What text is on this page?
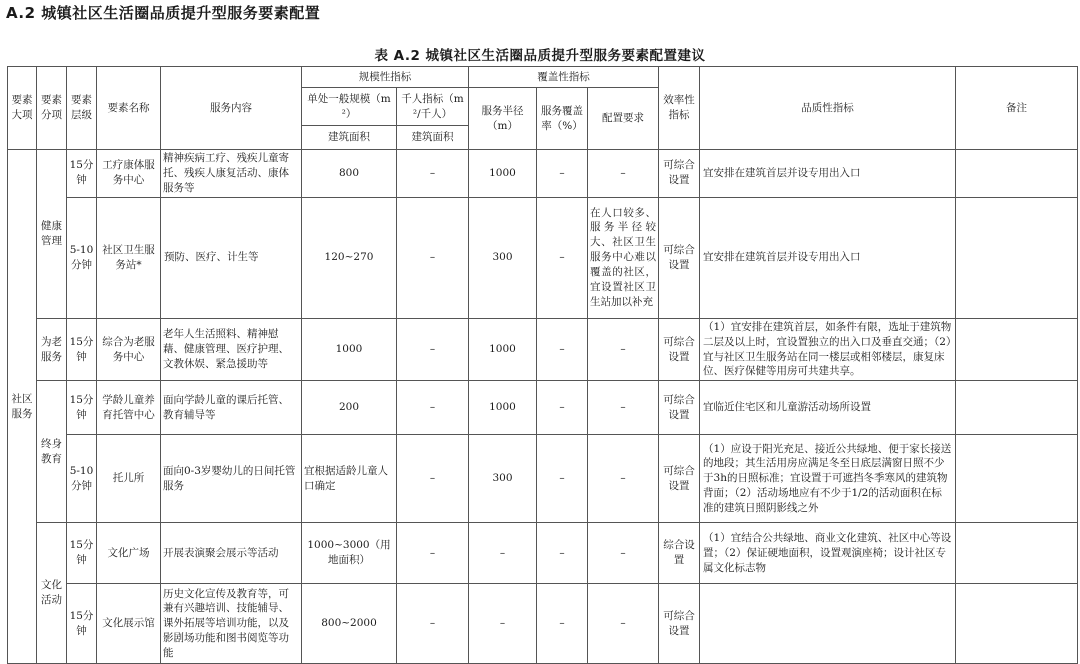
A.2 城镇社区生活圈品质提升型服务要素配置
表 A.2 城镇社区生活圈品质提升型服务要素配置建议
要素大项	要素分项	要素层级	要素名称	服务内容	规模性指标		覆盖性指标			效率性指标	品质性指标	备注
					单处一般规模（m²）	千人指标（m²/千人）	服务半径（m）	服务覆盖率（%）	配置要求			
					建筑面积	建筑面积						
社区服务	健康管理	15分钟	工疗康体服务中心	精神疾病工疗、残疾儿童寄托、残疾人康复活动、康体服务等	800	–	1000	–	–	可综合设置	宜安排在建筑首层并设专用出入口	
		5-10分钟	社区卫生服务站*	预防、医疗、计生等	120~270	–	300	–	在人口较多、服务半径较大、社区卫生服务中心难以覆盖的社区，宜设置社区卫生站加以补充	可综合设置	宜安排在建筑首层并设专用出入口	
	为老服务	15分钟	综合为老服务中心	老年人生活照料、精神慰藉、健康管理、医疗护理、文教休娱、紧急援助等	1000	–	1000	–	–	可综合设置	（1）宜安排在建筑首层，如条件有限，选址于建筑物二层及以上时，宜设置独立的出入口及垂直交通；（2）宜与社区卫生服务站在同一楼层或相邻楼层，康复床位、医疗保健等用房可共建共享。	
	终身教育	15分钟	学龄儿童养育托管中心	面向学龄儿童的课后托管、教育辅导等	200	–	1000	–	–	可综合设置	宜临近住宅区和儿童游活动场所设置	
		5-10分钟	托儿所	面向0-3岁婴幼儿的日间托管服务	宜根据适龄儿童人口确定	–	300	–	–	可综合设置	（1）应设于阳光充足、接近公共绿地、便于家长接送的地段；其生活用房应满足冬至日底层满窗日照不少于3h的日照标准；宜设置于可遮挡冬季寒风的建筑物背面；（2）活动场地应有不少于1/2的活动面积在标准的建筑日照阴影线之外	
	文化活动	15分钟	文化广场	开展表演聚会展示等活动	1000~3000（用地面积）	–	–	–	–	综合设置	（1）宜结合公共绿地、商业文化建筑、社区中心等设置；（2）保证硬地面积，设置观演座椅；设计社区专属文化标志物	
		15分钟	文化展示馆	历史文化宣传及教育等，可兼有兴趣培训、技能辅导、课外拓展等培训功能，以及影剧场功能和图书阅览等功能	800~2000	–	–	–	–	可综合设置		
